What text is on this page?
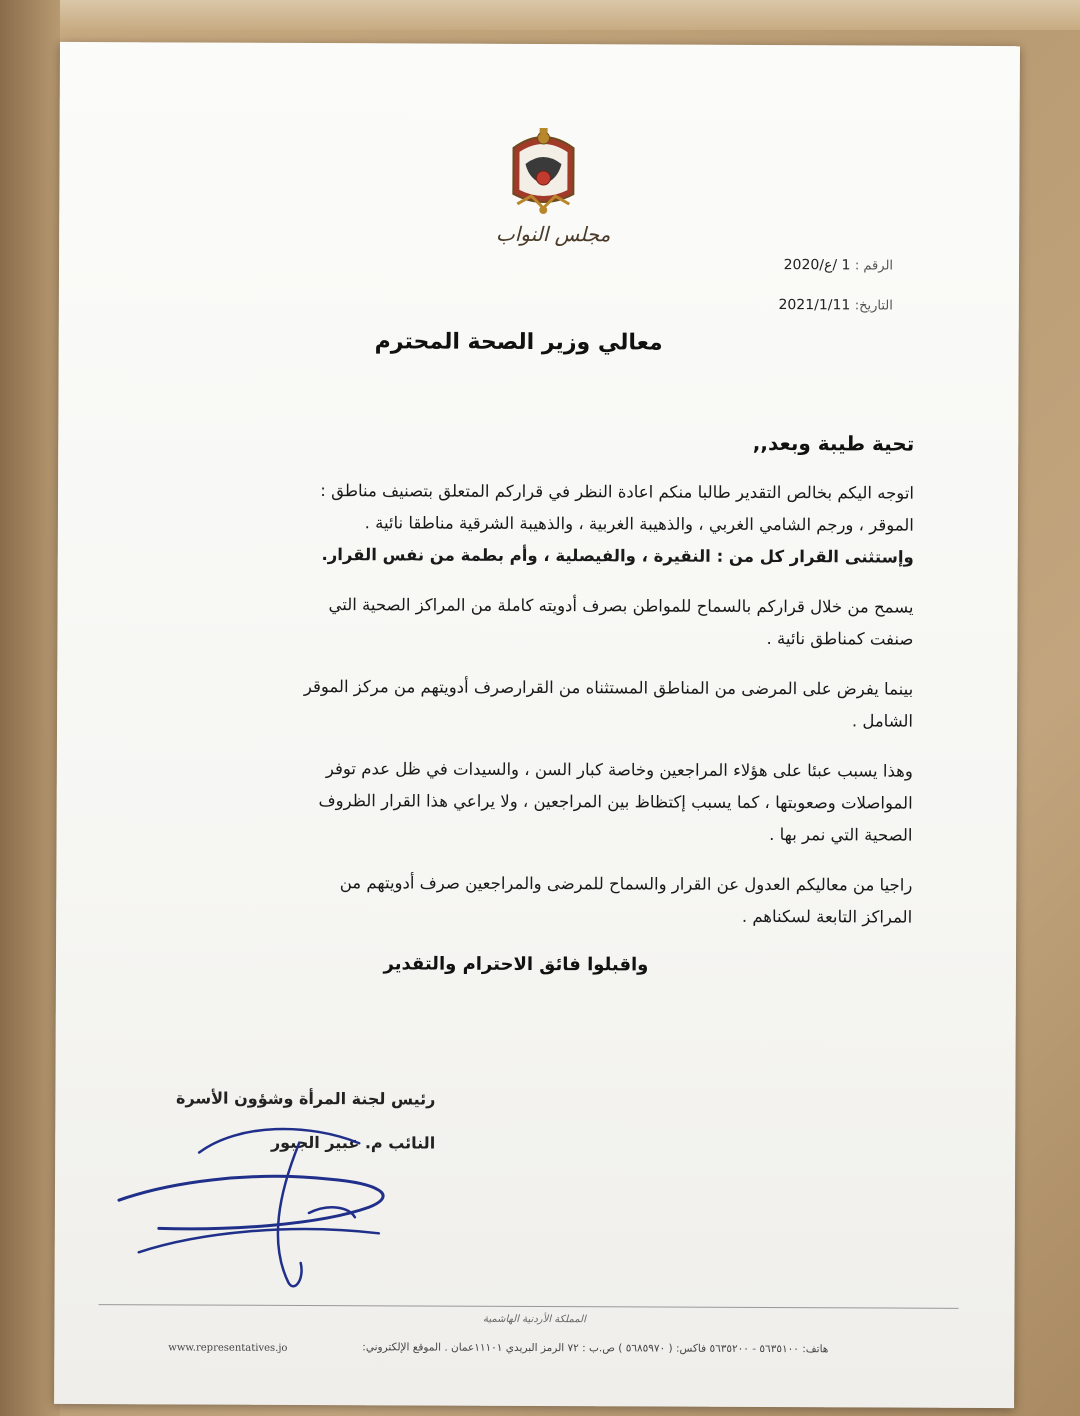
مجلس النواب
الرقم : 1 /ع/2020
التاريخ: 2021/1/11
معالي وزير الصحة المحترم
تحية طيبة وبعد,,

اتوجه اليكم بخالص التقدير طالبا منكم اعادة النظر في قراركم المتعلق بتصنيف مناطق :
الموقر ، ورجم الشامي الغربي ، والذهيبة الغربية ، والذهيبة الشرقية مناطقا نائية .
وإستثنى القرار كل من : النقيرة ، والفيصلية ، وأم بطمة من نفس القرار.

يسمح من خلال قراركم بالسماح للمواطن بصرف أدويته كاملة من المراكز الصحية التي
صنفت كمناطق نائية .

بينما يفرض على المرضى من المناطق المستثناه من القرارصرف أدويتهم من مركز الموقر
الشامل .

وهذا يسبب عبئا على هؤلاء المراجعين وخاصة كبار السن ، والسيدات في ظل عدم توفر
المواصلات وصعوبتها ، كما يسبب إكتظاظ بين المراجعين ، ولا يراعي هذا القرار الظروف
الصحية التي نمر بها .

راجيا من معاليكم العدول عن القرار والسماح للمرضى والمراجعين صرف أدويتهم من
المراكز التابعة لسكناهم .

واقبلوا فائق الاحترام والتقدير
رئيس لجنة المرأة وشؤون الأسرة
النائب م. عبير الجبور
المملكة الأردنية الهاشمية
هاتف: ٥٦٣٥١٠٠ - ٥٦٣٥٢٠٠ فاكس: ( ٥٦٨٥٩٧٠ ) ص.ب : ٧٢ الرمز البريدي ١١١٠١عمان . الموقع الإلكتروني:
www.representatives.jo
